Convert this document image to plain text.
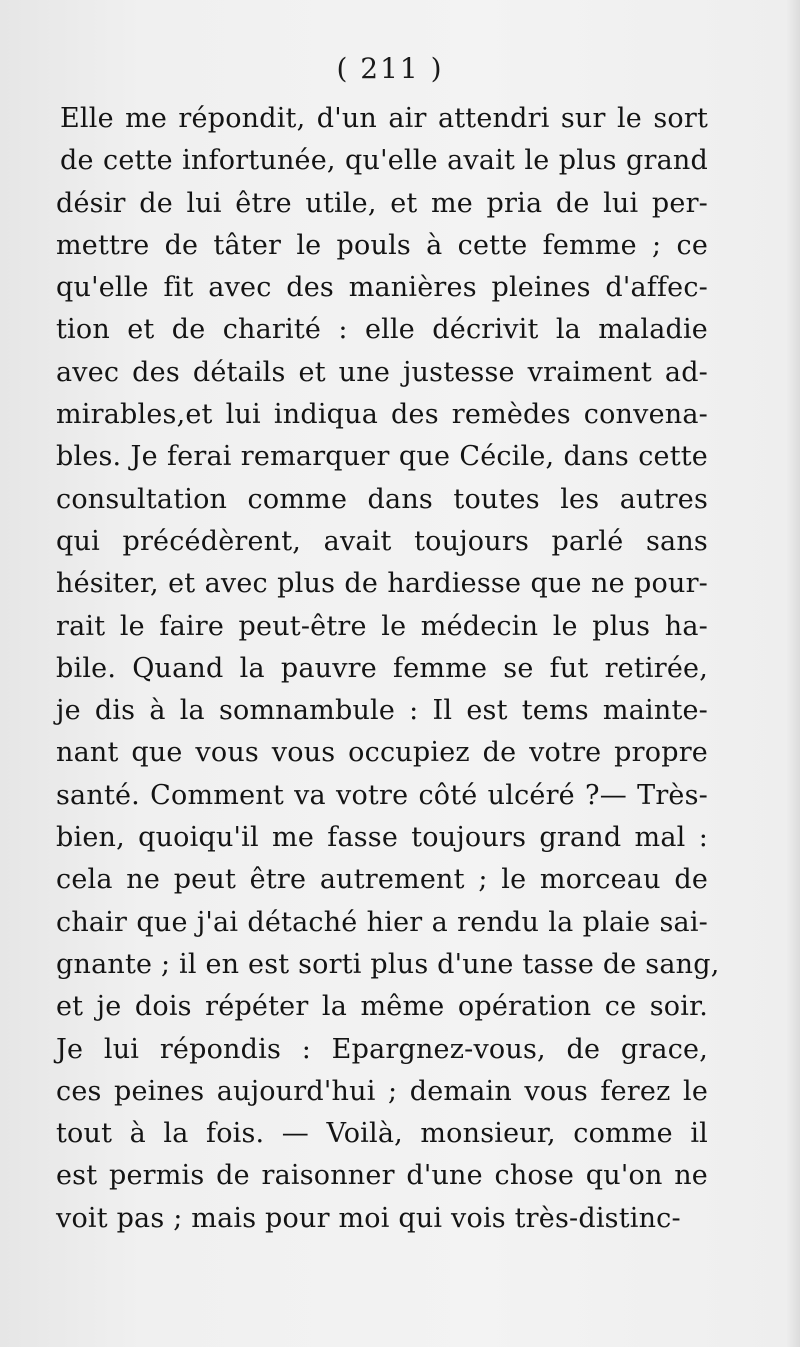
( 211 )
Elle me répondit, d'un air attendri sur le sort
de cette infortunée, qu'elle avait le plus grand
désir de lui être utile, et me pria de lui per-
mettre de tâter le pouls à cette femme ; ce
qu'elle fit avec des manières pleines d'affec-
tion et de charité : elle décrivit la maladie
avec des détails et une justesse vraiment ad-
mirables,et lui indiqua des remèdes convena-
bles. Je ferai remarquer que Cécile, dans cette
consultation comme dans toutes les autres
qui précédèrent, avait toujours parlé sans
hésiter, et avec plus de hardiesse que ne pour-
rait le faire peut-être le médecin le plus ha-
bile. Quand la pauvre femme se fut retirée,
je dis à la somnambule : Il est tems mainte-
nant que vous vous occupiez de votre propre
santé. Comment va votre côté ulcéré ?— Très-
bien, quoiqu'il me fasse toujours grand mal :
cela ne peut être autrement ; le morceau de
chair que j'ai détaché hier a rendu la plaie sai-
gnante ; il en est sorti plus d'une tasse de sang,
et je dois répéter la même opération ce soir.
Je lui répondis : Epargnez-vous, de grace,
ces peines aujourd'hui ; demain vous ferez le
tout à la fois. — Voilà, monsieur, comme il
est permis de raisonner d'une chose qu'on ne
voit pas ; mais pour moi qui vois très-distinc-
